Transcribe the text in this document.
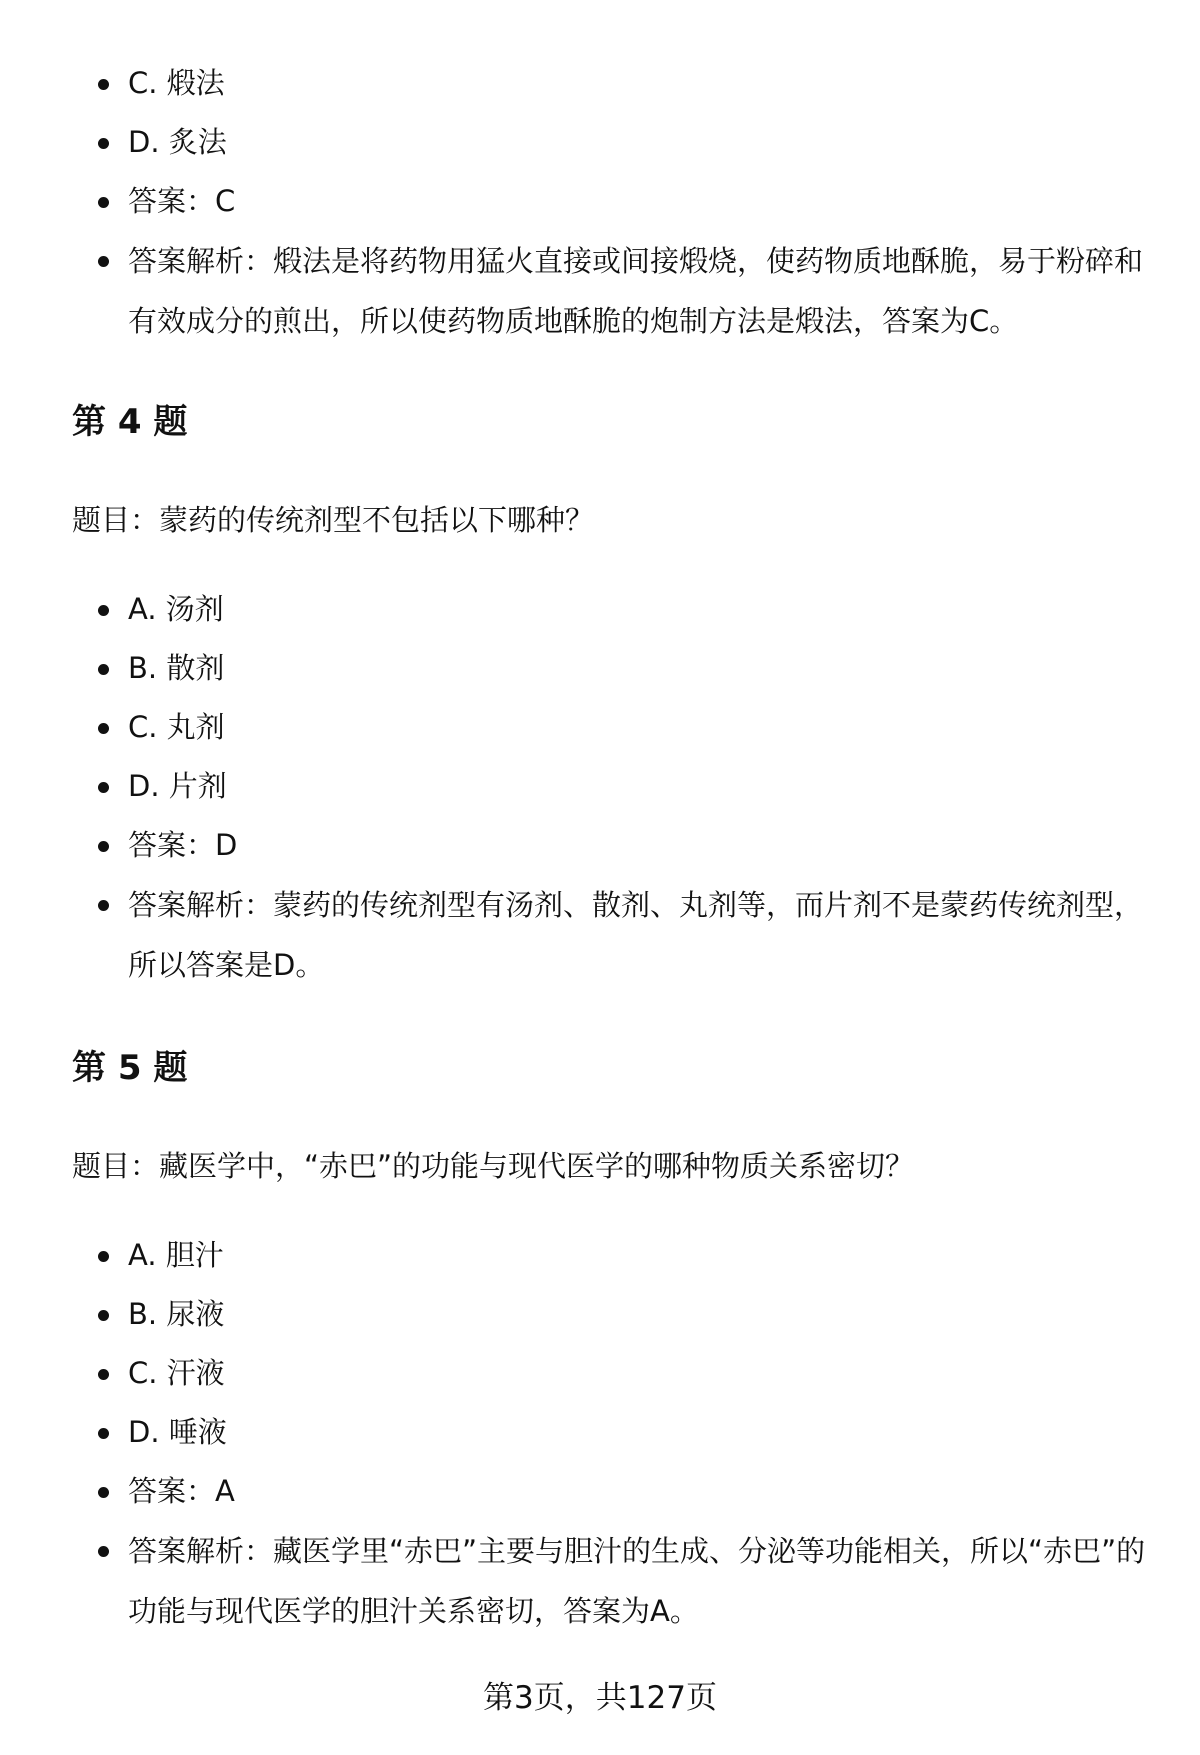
C. 煅法
D. 炙法
答案：C
答案解析：煅法是将药物用猛火直接或间接煅烧，使药物质地酥脆，易于粉碎和有效成分的煎出，所以使药物质地酥脆的炮制方法是煅法，答案为C。
第 4 题
题目：蒙药的传统剂型不包括以下哪种？
A. 汤剂
B. 散剂
C. 丸剂
D. 片剂
答案：D
答案解析：蒙药的传统剂型有汤剂、散剂、丸剂等，而片剂不是蒙药传统剂型，所以答案是D。
第 5 题
题目：藏医学中，“赤巴”的功能与现代医学的哪种物质关系密切？
A. 胆汁
B. 尿液
C. 汗液
D. 唾液
答案：A
答案解析：藏医学里“赤巴”主要与胆汁的生成、分泌等功能相关，所以“赤巴”的功能与现代医学的胆汁关系密切，答案为A。
第3页，共127页
